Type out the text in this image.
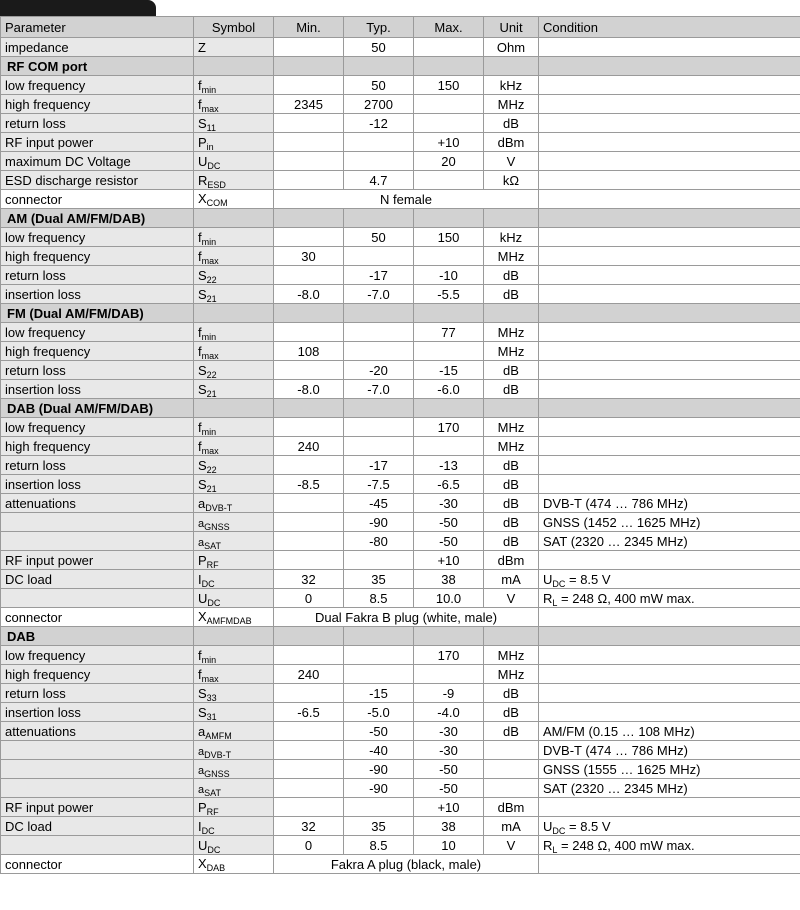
Parameter	Symbol	Min.	Typ.	Max.	Unit	Condition
impedance	Z		50		Ohm	
RF COM port						
low frequency	$f_{min}$		50	150	kHz	
high frequency	$f_{max}$	2345	2700		MHz	
return loss	$S_{11}$		-12		dB	
RF input power	$P_{in}$			+10	dBm	
maximum DC Voltage	$U_{DC}$			20	V	
ESD discharge resistor	$R_{ESD}$		4.7		kΩ	
connector	$X_{COM}$	N female				
AM (Dual AM/FM/DAB)						
low frequency	$f_{min}$		50	150	kHz	
high frequency	$f_{max}$	30			MHz	
return loss	$S_{22}$		-17	-10	dB	
insertion loss	$S_{21}$	-8.0	-7.0	-5.5	dB	
FM (Dual AM/FM/DAB)						
low frequency	$f_{min}$			77	MHz	
high frequency	$f_{max}$	108			MHz	
return loss	$S_{22}$		-20	-15	dB	
insertion loss	$S_{21}$	-8.0	-7.0	-6.0	dB	
DAB (Dual AM/FM/DAB)						
low frequency	$f_{min}$			170	MHz	
high frequency	$f_{max}$	240			MHz	
return loss	$S_{22}$		-17	-13	dB	
insertion loss	$S_{21}$	-8.5	-7.5	-6.5	dB	
attenuations	$a_{DVB-T}$		-45	-30	dB	DVB-T (474 … 786 MHz)
	$a_{GNSS}$		-90	-50	dB	GNSS (1452 … 1625 MHz)
	$a_{SAT}$		-80	-50	dB	SAT (2320 … 2345 MHz)
RF input power	$P_{RF}$			+10	dBm	
DC load	$I_{DC}$	32	35	38	mA	$U_{DC} = 8.5$ V
	$U_{DC}$	0	8.5	10.0	V	$R_L = 248$ Ω, 400 mW max.
connector	$X_{AMFMDAB}$	Dual Fakra B plug (white, male)				
DAB						
low frequency	$f_{min}$			170	MHz	
high frequency	$f_{max}$	240			MHz	
return loss	$S_{33}$		-15	-9	dB	
insertion loss	$S_{31}$	-6.5	-5.0	-4.0	dB	
attenuations	$a_{AMFM}$		-50	-30	dB	AM/FM (0.15 … 108 MHz)
	$a_{DVB-T}$		-40	-30		DVB-T (474 … 786 MHz)
	$a_{GNSS}$		-90	-50		GNSS (1555 … 1625 MHz)
	$a_{SAT}$		-90	-50		SAT (2320 … 2345 MHz)
RF input power	$P_{RF}$			+10	dBm	
DC load	$I_{DC}$	32	35	38	mA	$U_{DC} = 8.5$ V
	$U_{DC}$	0	8.5	10	V	$R_L = 248$ Ω, 400 mW max.
connector	$X_{DAB}$	Fakra A plug (black, male)				
